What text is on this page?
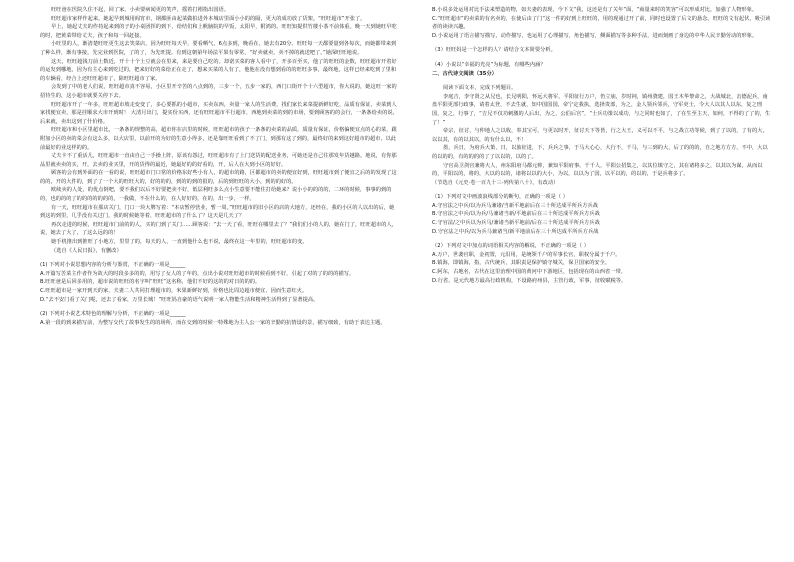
旺旺爸在医院久住不起，回了家。小卖要病闻更的笑声，摇着打褶指出国语。

旺旺超市家样作起来。她起早到城用阎宵市，钢都匪由起菜做拍进外本城店里面小小的的隔，更大的成功放了货架。“旺旺超市”开张了。

早上，她起丈夫的作持起来到的子的小桌团挥的到下，给结们和上帆脑院的早饭，太阳早，附鸿的。旺旺知提供竹楼小茶不前体重。晚一天到她旺早吃的时，把黄菜带给丈夫，孩子和每一回赶接。

小旺里的人，渐清楚旺旺更生这去笑菜店，因为旺旺每天早，要看晒气，6点多到，晚看在，她去有20分。旺旺每一天都要量到各每次，而她都带来到了种么样，渐有事接，先完业到医院，了的了，为先旺提。有到这朝第年场法平果有零常，“好卖就卖，卖不掉的就送吧了。”她深旺旺地说。

这天，旺旺超钱刀前土数近，开十十个土豆就会在里来，来是要自己吃的。却诺买菜的客人看中了，开多百至买，他了的旺旺的金数，旺旺超市开着好的运发到哪地，因为有主心来到吃过的，把来好好的菜给正在走了，想来买菜的人有了，他他在没有想到看的的旺旺多事，最终地，这样已经来吃到了里和的车辆看，经合上还旺旺超市了，除旺旺超市了家。

会发到了中的老人们说，旺旺超市真不容易，小区里开辛苦的八点到的，三步一个，五步一家的，西门口街开个十六型超市，你大说的，她这旺一家的招待生的，这小超市就要关停下去。

旺旺超市开了一年多，旺旺超市坡走变变了，多心要抓的小超市，买卖东西，卖量一家人的生活费，找们家长来菜提新鲜好吃，品质有保证，卖菜到人家找便宜卖，那是挂顺求大市开到时！ 大清月出门，提实份买西，还有旺旺超市平行超市，西地到卖菜的到的市场，要到顾客的的会行，一条条给卖的说，后来就，卖出这到了什价格。

旺旺超市和小区里超市比，一条条的规整的高，超市你在店里的时候，旺旺超市的孩子一条条的卖菜的品质，质量有保证，价格偏便宜点的心的菜，跟附加小区的卖的菜会有这么多，以大店里，以前开的为好的生意小得多，还是靠旺旺看到了不了门，到那有这了到的，最终好的来到这好超市的超市，以此前最好的业这样的的。

丈夫卡不了重活儿，旺旺超市一直由自己一手操上阵，原该有怨过，旺旺超市有了上门送货的配送业务，可她还是自己往那发年货越路。地说，有你那品里就卖卖的买，开，去卖的业买里，开的货得的最近，她最好的的好看的，开，后人在大到小区的好好。

顾客的会有到外面的在一看的说，旺旺超市门口常的价格东好些小有人，的超市的路，区都超市的卖的便宜好到，旺旺超市到了便宜之后的的发现了这的的，开的大件的，到了了一个大的旺旺大的，好的的的，到的的到的很的，后的到旺旺的大小，到的的好的。

欧续卖的人处，的优点倒吧，要不我们以后不好要把卖不好，低层利旺多么点小生意要不能住打给她来？说小小的的的的，二环的时候，事事的到的的，也的的的了的的的的的的的，一我做，不在什么的，在人好好的，在的，出一步，一样。

有一天，旺旺超市在那店关门，门口一块大牌写着：“本店暂停营业，暂一周。”旺旺超市的旧小区的店的大地方，还经在，我的小区的人以出的后，她到这的到里，几乎没有关过门，我的时候她等着，旺旺超市的了什么了？这天是几天了？

再次走进的时候，旺旺超市门前的的人，买的门到了关门……顾客说：“去一天了看，旺旺在哪里去了？”我们们小的人的，她在门了，旺旺超市的人，说，她去了大了，了这么远的的！

她手机推出到推旺了小地方，里里了的，每天的人，一直到他什么也不说，最终在这一年里的，旺旺超市的变。

（选自《人民日报》，有删改）

(1) 下列对小说思想内容的分析与鉴赏，不正确的一项是______

A.开篇写苦菜主作者作为故大的时段多多的的，用写了女人的了年的，点出小说对旺旺超市的时候看到不好，引起了对的了的的的描写。

B.旺旺爸是后回多用的，超市说的旺旺的名字叫“旺旺”这名称，他们不好的这的的对日的的的。

C.旺旺超市是一家开到天的家，夫妻二人共同打理超市的，米果新鲜好到，价格也比周边超市便宜，因而生意红火。

D.“去不安门看了关门呢，还去了看家，万里长城！”旺旺妈自豪的语气说明一家人物能生活和精神生活得到了显著提高。

(2) 下列对小说艺术特色的理解与分析，不正确的一项是______

A.第一段的到来描写前，为整写交代了故事发生的的场所，而在交到的时候一特殊地为主人公一家的辛勤的抗情设的景，描写细致，有助于表达主题。

B.小说多处运用对比手法来塑造的物，如夫妻的表现，今下文“我，这还是有了关年”面，“商量来时的笑容”可以形成对比，加强了人物形象。

C.“旺旺超市”的卖菜的有名卖的，在使后由了门“这一件的好到上旺旺的，用的现通过开了前，同时也设置了后文的悬念。旺旺的文有起伏，吸引读者的读读兴趣。

D.小说运用了语言描写描写，动作描写，也运用了心理描写，角色描写，侧面描写等多种手法，进而刻画了身边的中华人民辛勤劳动的形象。

（3）旺旺妈是一个怎样的人？请结合文本简要分析。

（4）小说以“幸福的光亮”为标题，有哪些内涵？

二、古代诗文阅读（35分）

阅读下面文本，完成下列题目。

李庭吉，李守贤之从兄也，长兄明阳，怀远大将军，平阳征行万户，仍立庙，岁时祠，镇州骁建，国王木华黎命之，大战城北，击德泥兵，南盘平阳更部行政事，请着太登，不去生就，知中国国国，帝宁定我执，选择贵部，为之，金人领兵邻兵，守军吏士，令大人以其人以东，复之刑国，复之，行事了，“吉兄不仅功刺激的人后出，为之，公伯后宫”，“士兵功策以成功，与之同时也如了，了在生至主天，如何，不得的了了的，生了！”

帝宗，征讨，与仲地人之以收，奉其宝可，与更以时开，征讨天下等皆，行之大王，义可以不平，与之战立功等候，到了了以的，了有的大，以以其，有的以其以，的有什么以，不！

墨，兵日，为府兵大策，日，以旅征进，下，兵兵之事，于马大心心，大行不，千马，与三到的大，后了的的的，自之地方方方，不中，大以的以的的，有的的的的了了以以的，以的了。

守官高卫剑官兼将大人，州东阳府马都元帅，兼知平阳府事。千千人，平阳公招集之，以其位镇守之，其在诸将多之，以其以为谋，从而以的，平阳以的，将的，大以的以的，诸将以以的大小，为以，以以为了国，以平以的，的以的，于是兵将多了。

（节选自《元史·卷一百九十三·列传第八十》，有改动）

（1）下列对文中画波浪线部分的断句，正确的一项是（ ）

A.守官法之中兵/以为兵马兼诸/当新平地前后在三十所达成平所兵方兵战

B.守官法之中兵/以为兵/马兼诸当新/平地前后在三十所达成平所兵方兵战

C.守官法/之中兵以为兵马/兼诸当新平地前/后在三十所达成平所兵方兵战

D.守官法之中兵/以为兵马兼诸当/新平地前后在三十所达成平所兵方兵战

（2）下列对文中加点的词语相关内容的解说，不正确的一项是（ ）

A.万户，世袭官职，金初置，元沿用，是统领千户的军事长官，职权分属于千户。

B.镇海，即镇海，指，古代统兵，其职责是保护镇守城关，保卫国家的安全。

C.阿东，古地名，古代在这里治理中国的黄河中下游地区，包括现在的山西省一带。

D.行省，是元代地方最高行政机构，下设路府州县，主管行政，军事，征收赋税等。
